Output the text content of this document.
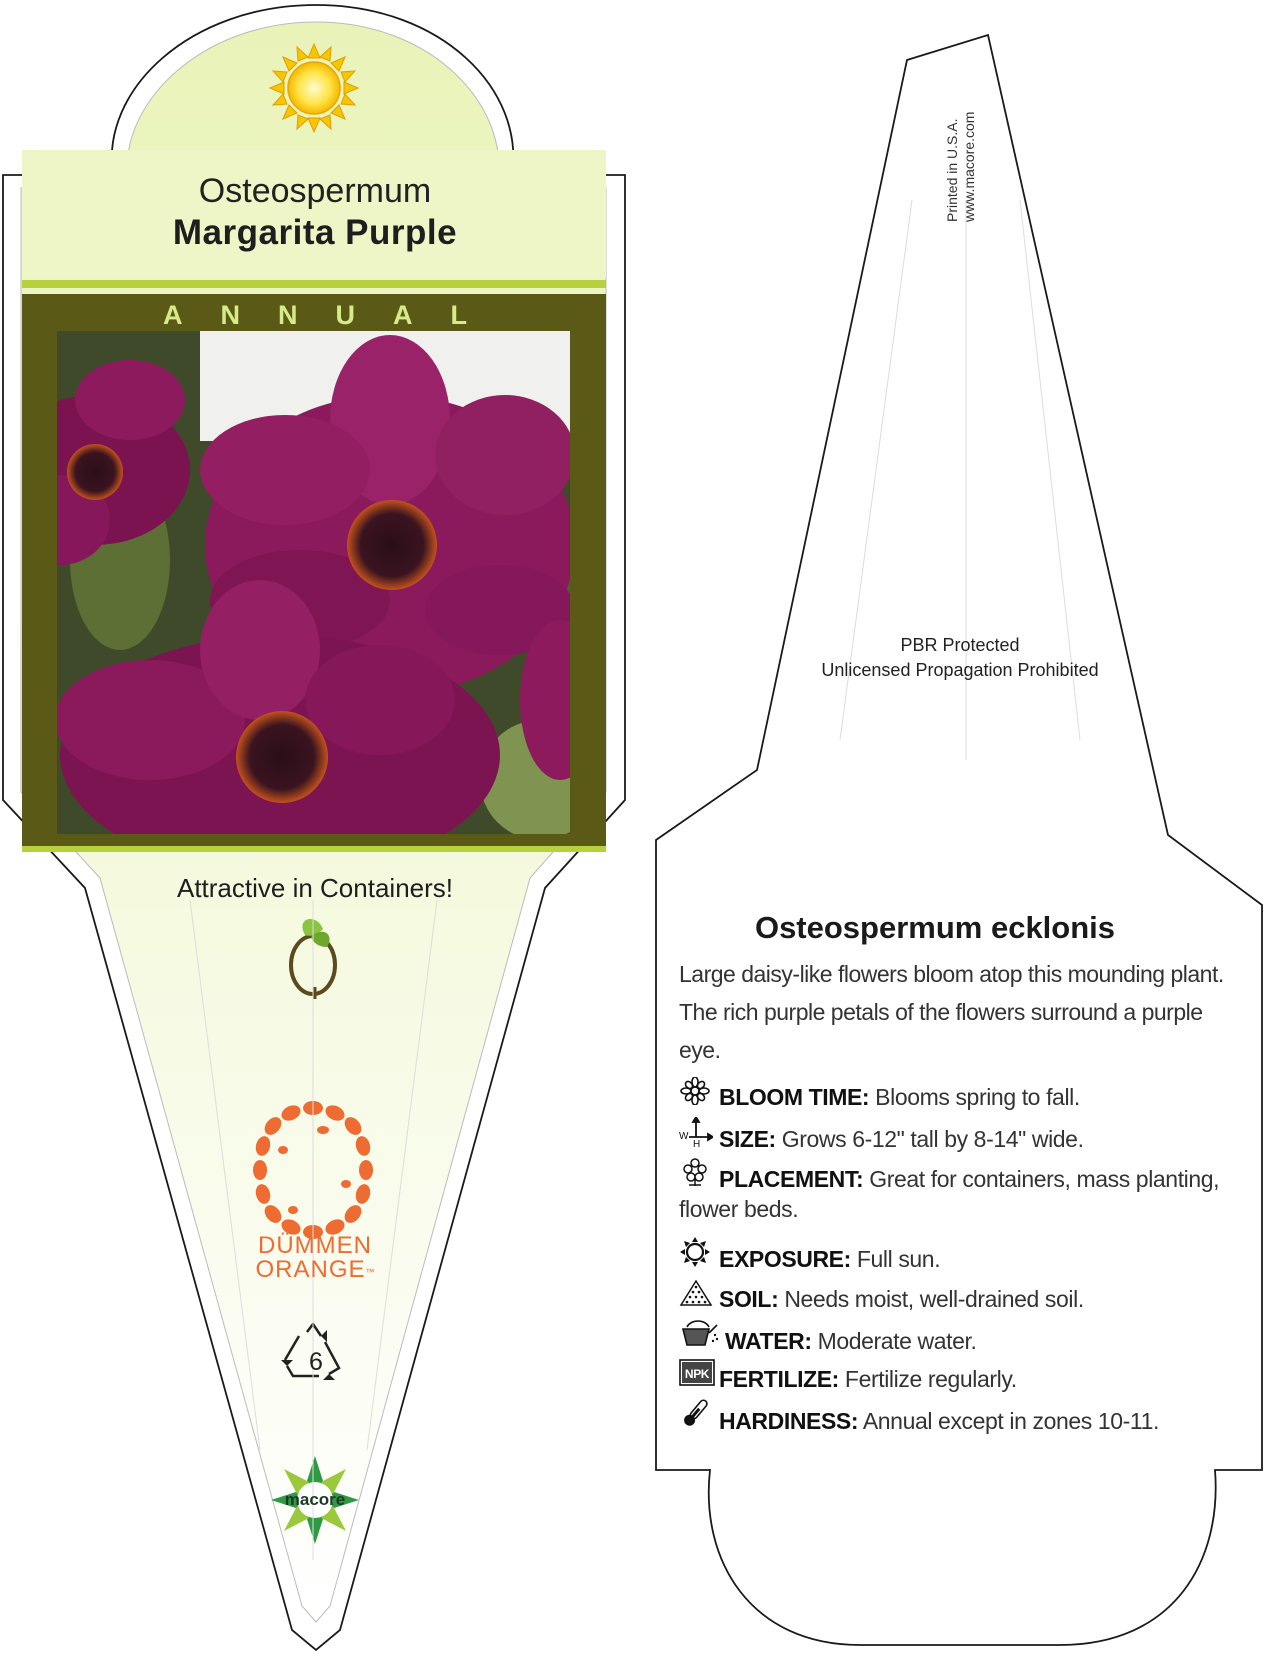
Osteospermum
Margarita Purple
ANNUAL
Attractive in Containers!
DÜMMEN
ORANGE™
6
macore
Printed in U.S.A. www.macore.com
PBR Protected
Unlicensed Propagation Prohibited
Osteospermum ecklonis
Large daisy-like flowers bloom atop this mounding plant. The rich purple petals of the flowers surround a purple eye.
BLOOM TIME: Blooms spring to fall.
W
H SIZE: Grows 6-12" tall by 8-14" wide.
PLACEMENT: Great for containers, mass planting,
flower beds.
EXPOSURE: Full sun.
SOIL: Needs moist, well-drained soil.
WATER: Moderate water.
NPK FERTILIZE: Fertilize regularly.
HARDINESS: Annual except in zones 10-11.
